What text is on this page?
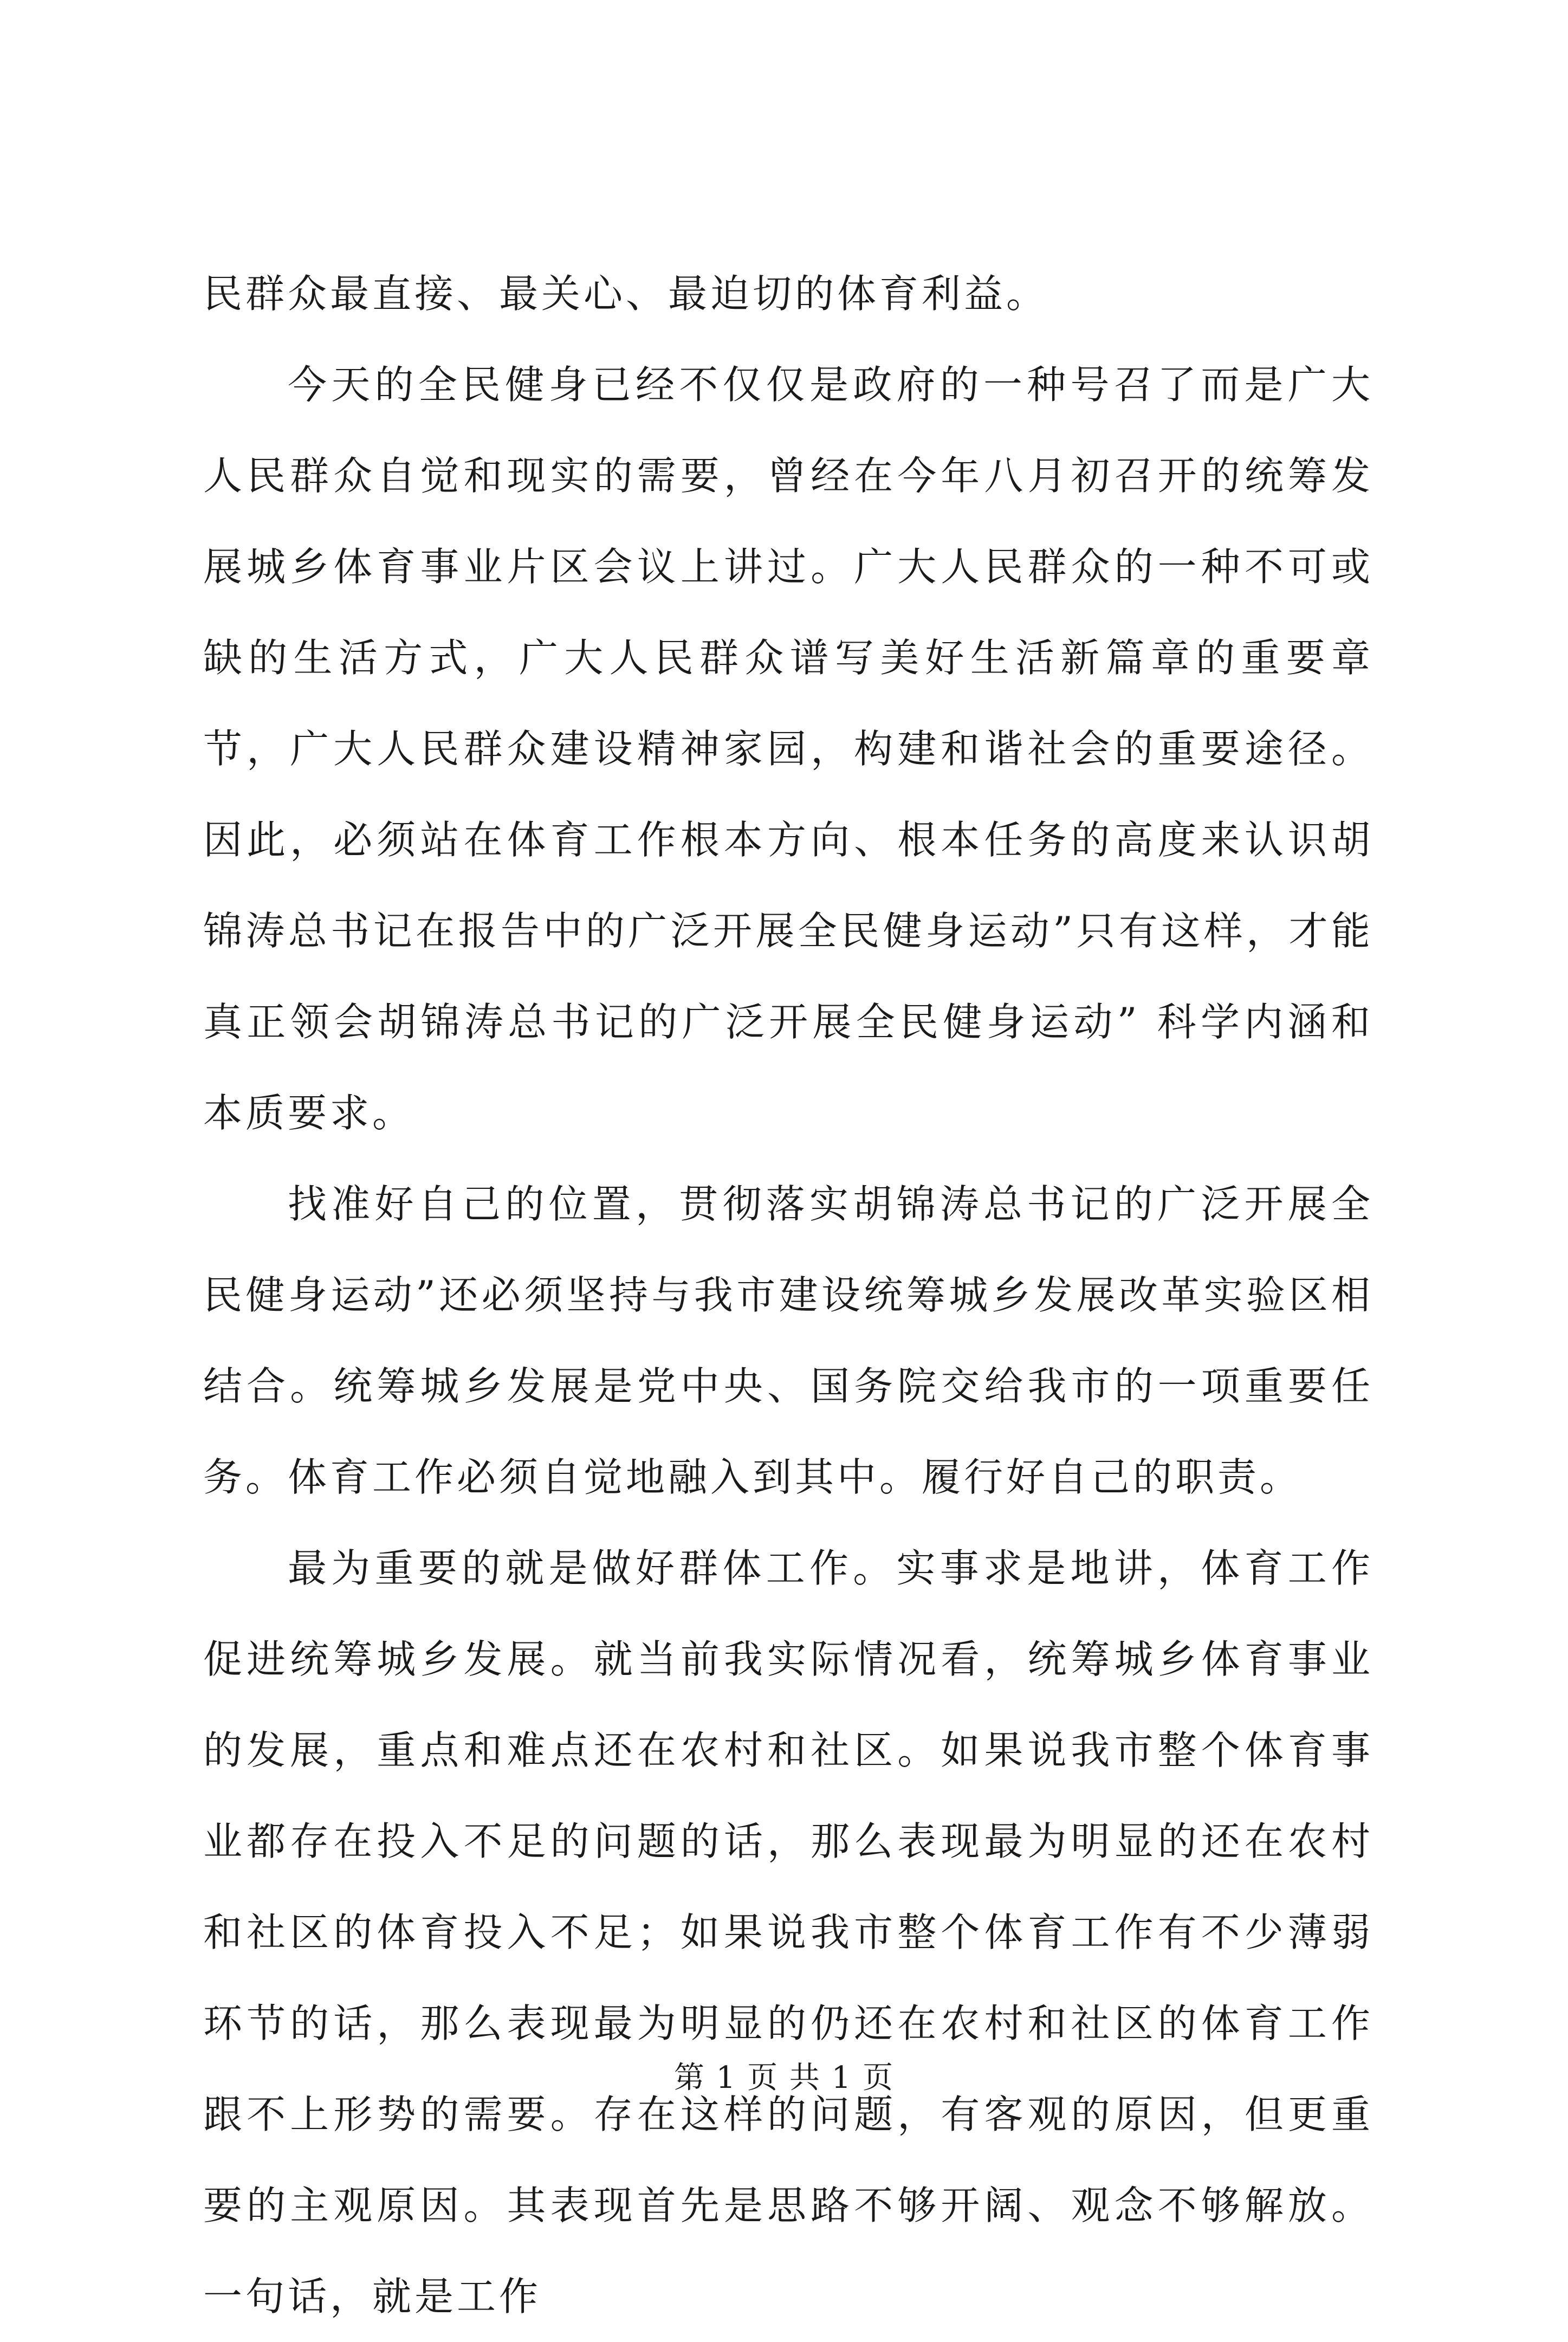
民群众最直接、最关心、最迫切的体育利益。

今天的全民健身已经不仅仅是政府的一种号召了而是广大人民群众自觉和现实的需要，曾经在今年八月初召开的统筹发展城乡体育事业片区会议上讲过。广大人民群众的一种不可或缺的生活方式，广大人民群众谱写美好生活新篇章的重要章节，广大人民群众建设精神家园，构建和谐社会的重要途径。因此，必须站在体育工作根本方向、根本任务的高度来认识胡锦涛总书记在报告中的广泛开展全民健身运动”只有这样，才能真正领会胡锦涛总书记的广泛开展全民健身运动” 科学内涵和本质要求。

找准好自己的位置，贯彻落实胡锦涛总书记的广泛开展全民健身运动”还必须坚持与我市建设统筹城乡发展改革实验区相结合。统筹城乡发展是党中央、国务院交给我市的一项重要任务。体育工作必须自觉地融入到其中。履行好自己的职责。

最为重要的就是做好群体工作。实事求是地讲，体育工作促进统筹城乡发展。就当前我实际情况看，统筹城乡体育事业的发展，重点和难点还在农村和社区。如果说我市整个体育事业都存在投入不足的问题的话，那么表现最为明显的还在农村和社区的体育投入不足；如果说我市整个体育工作有不少薄弱环节的话，那么表现最为明显的仍还在农村和社区的体育工作跟不上形势的需要。存在这样的问题，有客观的原因，但更重要的主观原因。其表现首先是思路不够开阔、观念不够解放。一句话，就是工作

第 1 页 共 1 页
